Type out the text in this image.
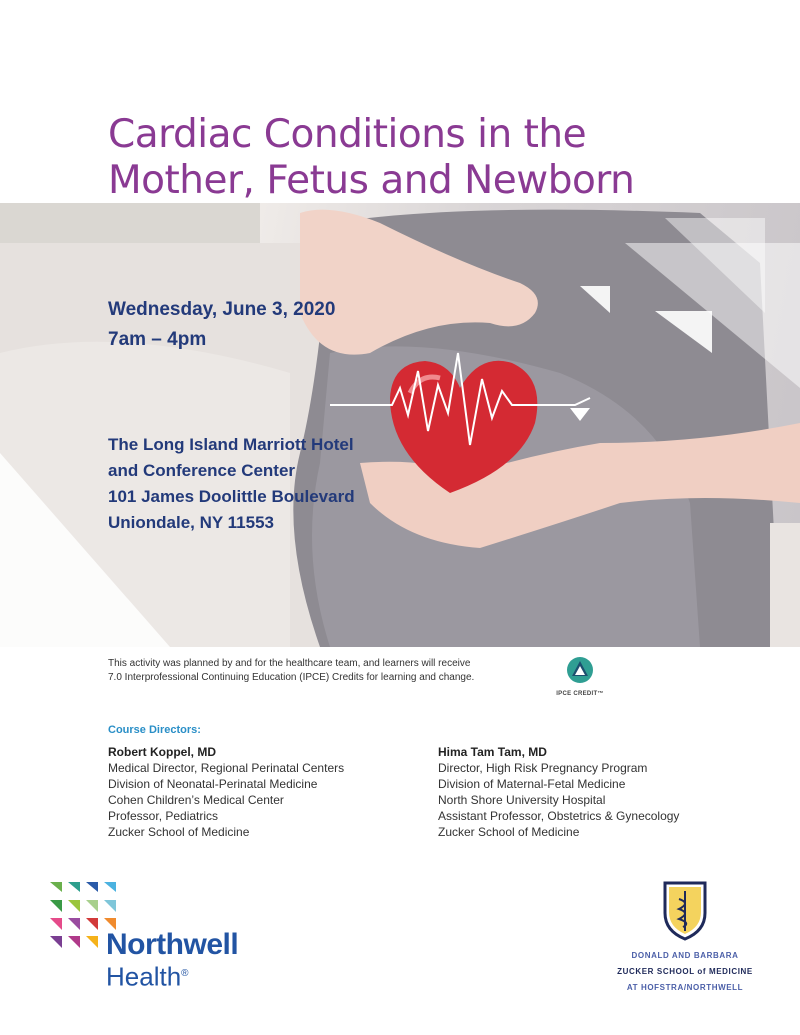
Cardiac Conditions in the
Mother, Fetus and Newborn
Wednesday, June 3, 2020
7am – 4pm
The Long Island Marriott Hotel
and Conference Center
101 James Doolittle Boulevard
Uniondale, NY 11553
This activity was planned by and for the healthcare team, and learners will receive
7.0 Interprofessional Continuing Education (IPCE) Credits for learning and change.
IPCE CREDIT™
Course Directors:
Robert Koppel, MD
Medical Director, Regional Perinatal Centers
Division of Neonatal-Perinatal Medicine
Cohen Children’s Medical Center
Professor, Pediatrics
Zucker School of Medicine
Hima Tam Tam, MD
Director, High Risk Pregnancy Program
Division of Maternal-Fetal Medicine
North Shore University Hospital
Assistant Professor, Obstetrics & Gynecology
Zucker School of Medicine
Northwell
Health®
DONALD AND BARBARA
ZUCKER SCHOOL of MEDICINE
AT HOFSTRA/NORTHWELL
